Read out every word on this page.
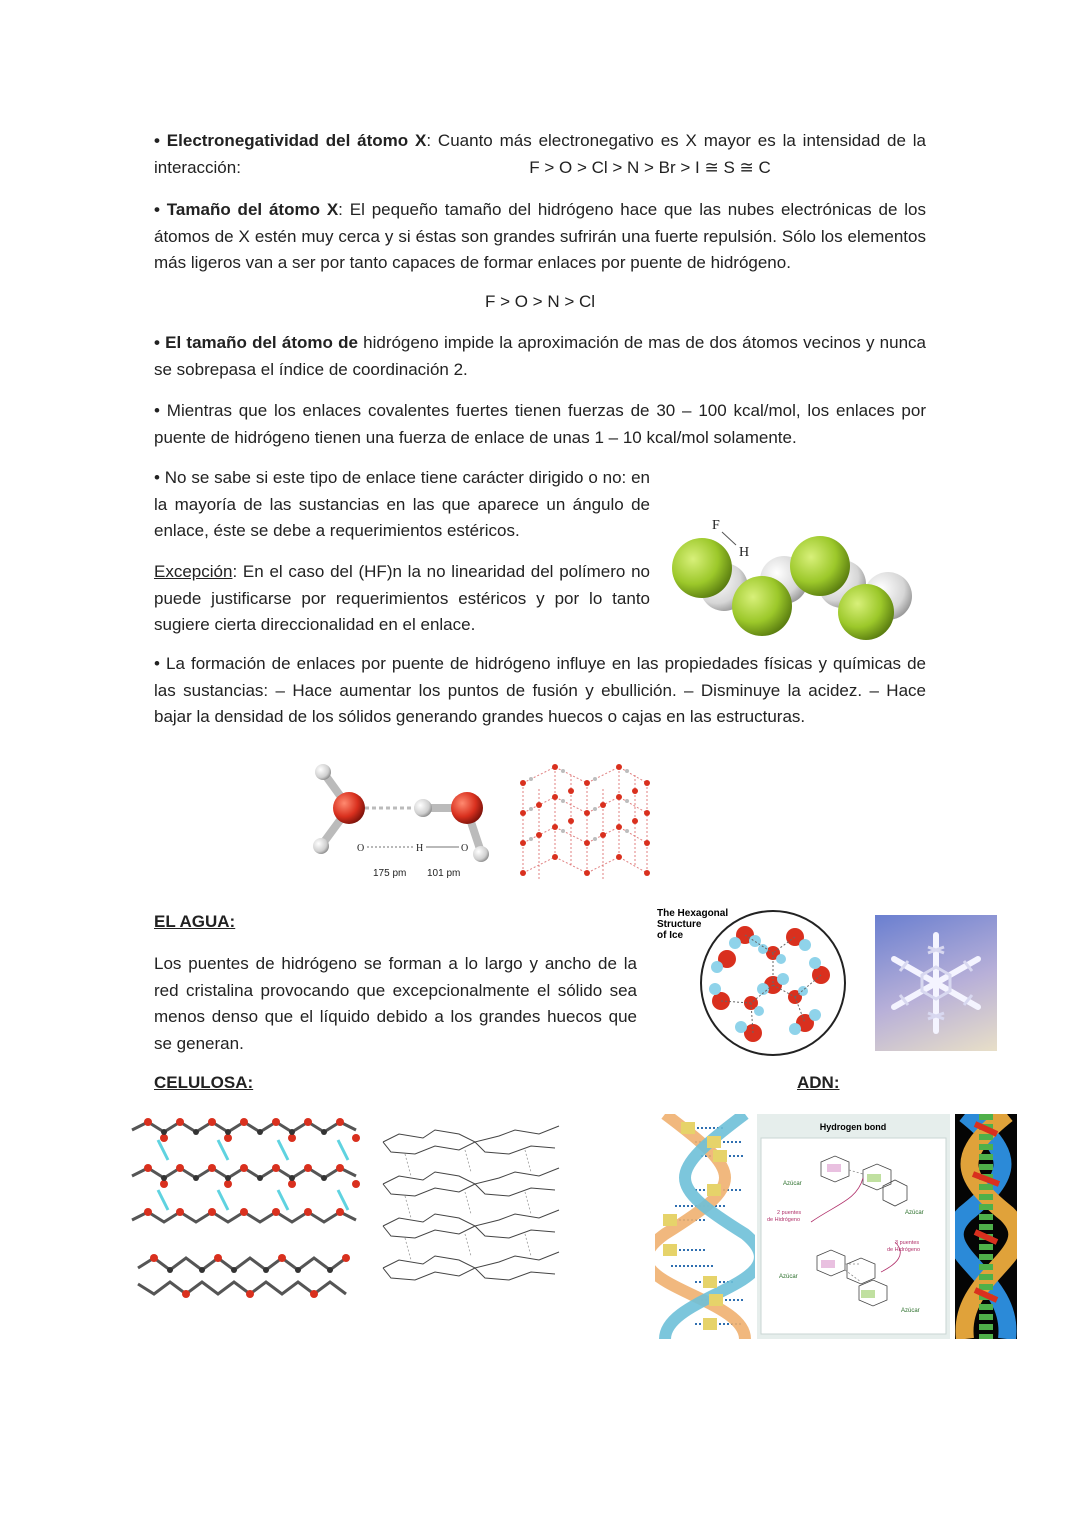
• Electronegatividad del átomo X: Cuanto más electronegativo es X mayor es la intensidad de la interacción:	F > O > Cl > N > Br > I ≅ S ≅ C

• Tamaño del átomo X: El pequeño tamaño del hidrógeno hace que las nubes electrónicas de los átomos de X estén muy cerca y si éstas son grandes sufrirán una fuerte repulsión. Sólo los elementos más ligeros van a ser por tanto capaces de formar enlaces por puente de hidrógeno.

F > O > N > Cl

• El tamaño del átomo de hidrógeno impide la aproximación de mas de dos átomos vecinos y nunca se sobrepasa el índice de coordinación 2.

• Mientras que los enlaces covalentes fuertes tienen fuerzas de 30 – 100 kcal/mol, los enlaces por puente de hidrógeno tienen una fuerza de enlace de unas 1 – 10 kcal/mol solamente.

• No se sabe si este tipo de enlace tiene carácter dirigido o no: en la mayoría de las sustancias en las que aparece un ángulo de enlace, éste se debe a requerimientos estéricos.

Excepción: En el caso del (HF)n la no linearidad del polímero no puede justificarse por requerimientos estéricos y por lo tanto sugiere cierta direccionalidad en el enlace.

F
H

• La formación de enlaces por puente de hidrógeno influye en las propiedades físicas y químicas de las sustancias: – Hace aumentar los puntos de fusión y ebullición. – Disminuye la acidez. – Hace bajar la densidad de los sólidos generando grandes huecos o cajas en las estructuras.

O	H	O
175 pm 101 pm

EL AGUA:

Los puentes de hidrógeno se forman a lo largo y ancho de la red cristalina provocando que excepcionalmente el sólido sea menos denso que el líquido debido a los grandes huecos que se generan.

The Hexagonal
Structure
of Ice

CELULOSA:	ADN:

Hydrogen bond
Azúcar
Azúcar
Azúcar
Azúcar
2 puentes
de Hidrógeno
3 puentes
de Hidrógeno
